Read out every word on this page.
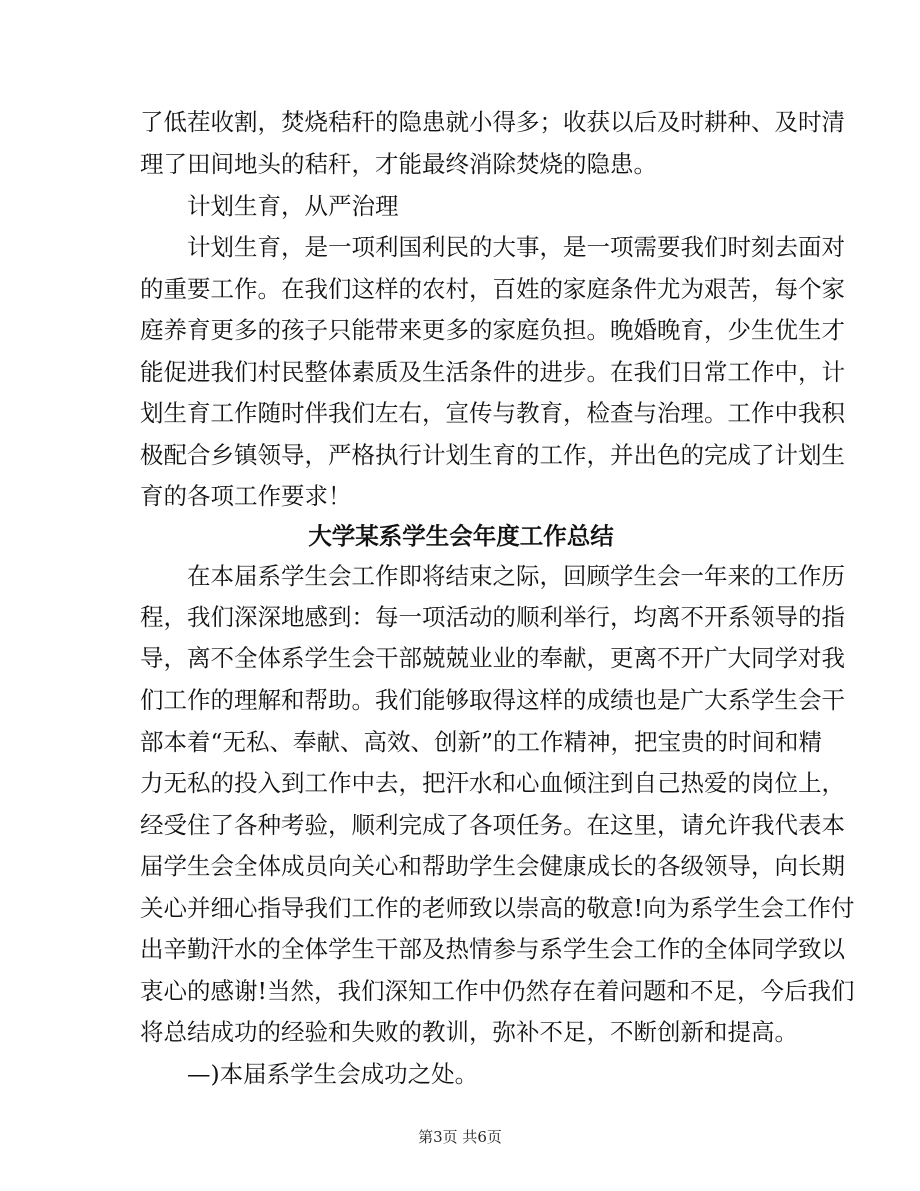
了低茬收割，焚烧秸秆的隐患就小得多；收获以后及时耕种、及时清
理了田间地头的秸秆，才能最终消除焚烧的隐患。
计划生育，从严治理
计划生育，是一项利国利民的大事，是一项需要我们时刻去面对
的重要工作。在我们这样的农村，百姓的家庭条件尤为艰苦，每个家
庭养育更多的孩子只能带来更多的家庭负担。晚婚晚育，少生优生才
能促进我们村民整体素质及生活条件的进步。在我们日常工作中，计
划生育工作随时伴我们左右，宣传与教育，检查与治理。工作中我积
极配合乡镇领导，严格执行计划生育的工作，并出色的完成了计划生
育的各项工作要求！
大学某系学生会年度工作总结
在本届系学生会工作即将结束之际，回顾学生会一年来的工作历
程，我们深深地感到：每一项活动的顺利举行，均离不开系领导的指
导，离不全体系学生会干部兢兢业业的奉献，更离不开广大同学对我
们工作的理解和帮助。我们能够取得这样的成绩也是广大系学生会干
部本着“无私、奉献、高效、创新”的工作精神，把宝贵的时间和精
力无私的投入到工作中去，把汗水和心血倾注到自己热爱的岗位上，
经受住了各种考验，顺利完成了各项任务。在这里，请允许我代表本
届学生会全体成员向关心和帮助学生会健康成长的各级领导，向长期
关心并细心指导我们工作的老师致以崇高的敬意!向为系学生会工作付
出辛勤汗水的全体学生干部及热情参与系学生会工作的全体同学致以
衷心的感谢!当然，我们深知工作中仍然存在着问题和不足，今后我们
将总结成功的经验和失败的教训，弥补不足，不断创新和提高。
—)本届系学生会成功之处。
第3页 共6页
